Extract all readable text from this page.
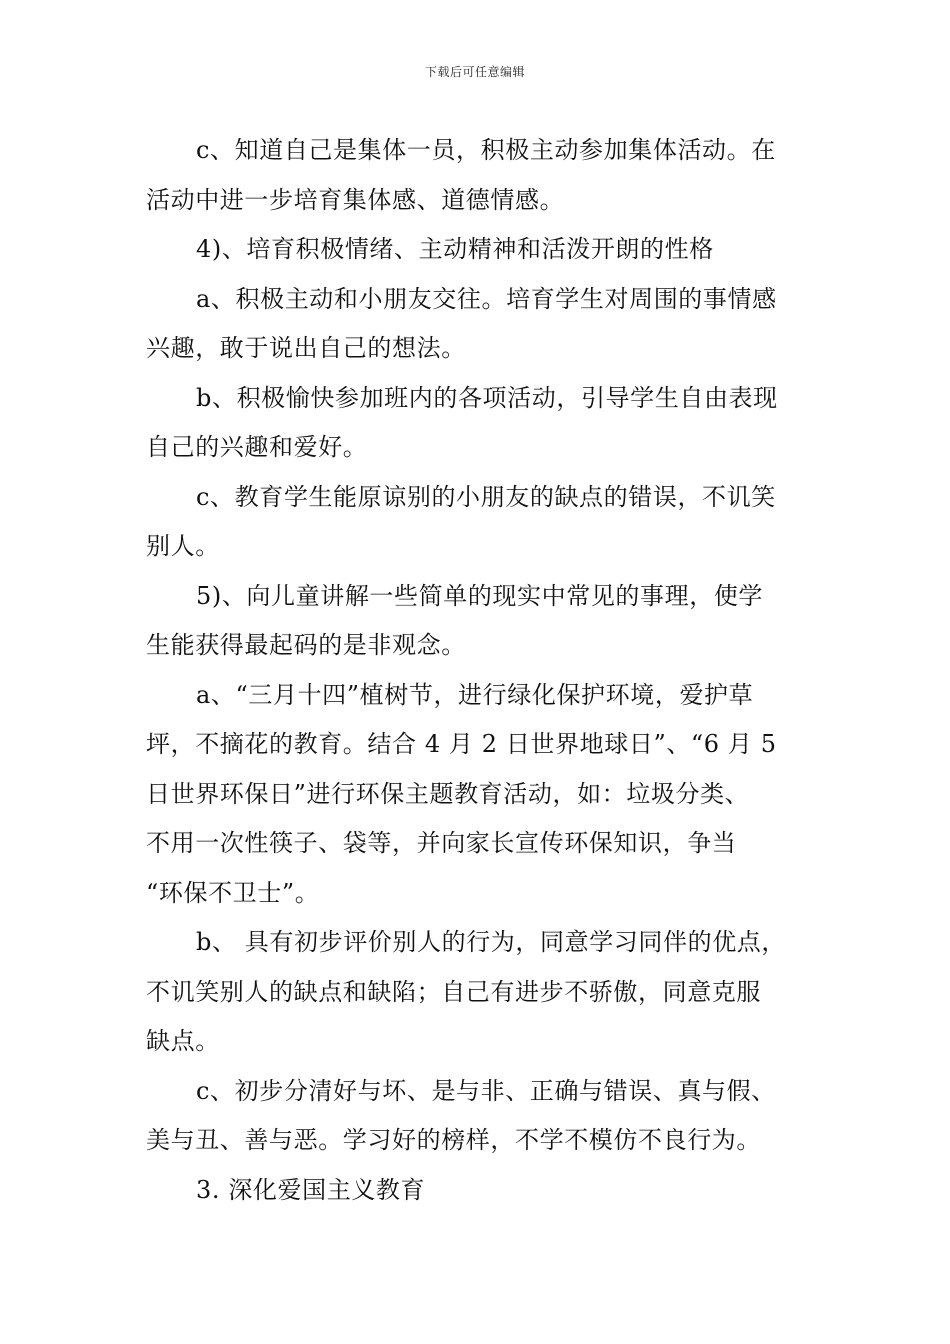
下载后可任意编辑
c、知道自己是集体一员，积极主动参加集体活动。在
活动中进一步培育集体感、道德情感。
4)、培育积极情绪、主动精神和活泼开朗的性格
a、积极主动和小朋友交往。培育学生对周围的事情感
兴趣，敢于说出自己的想法。
b、积极愉快参加班内的各项活动，引导学生自由表现
自己的兴趣和爱好。
c、教育学生能原谅别的小朋友的缺点的错误，不讥笑
别人。
5)、向儿童讲解一些简单的现实中常见的事理，使学
生能获得最起码的是非观念。
a、“三月十四”植树节，进行绿化保护环境，爱护草
坪，不摘花的教育。结合 4 月 2 日世界地球日”、“6 月 5
日世界环保日”进行环保主题教育活动，如：垃圾分类、
不用一次性筷子、袋等，并向家长宣传环保知识，争当
“环保不卫士”。
b、 具有初步评价别人的行为，同意学习同伴的优点，
不讥笑别人的缺点和缺陷；自己有进步不骄傲，同意克服
缺点。
c、初步分清好与坏、是与非、正确与错误、真与假、
美与丑、善与恶。学习好的榜样，不学不模仿不良行为。
3. 深化爱国主义教育
